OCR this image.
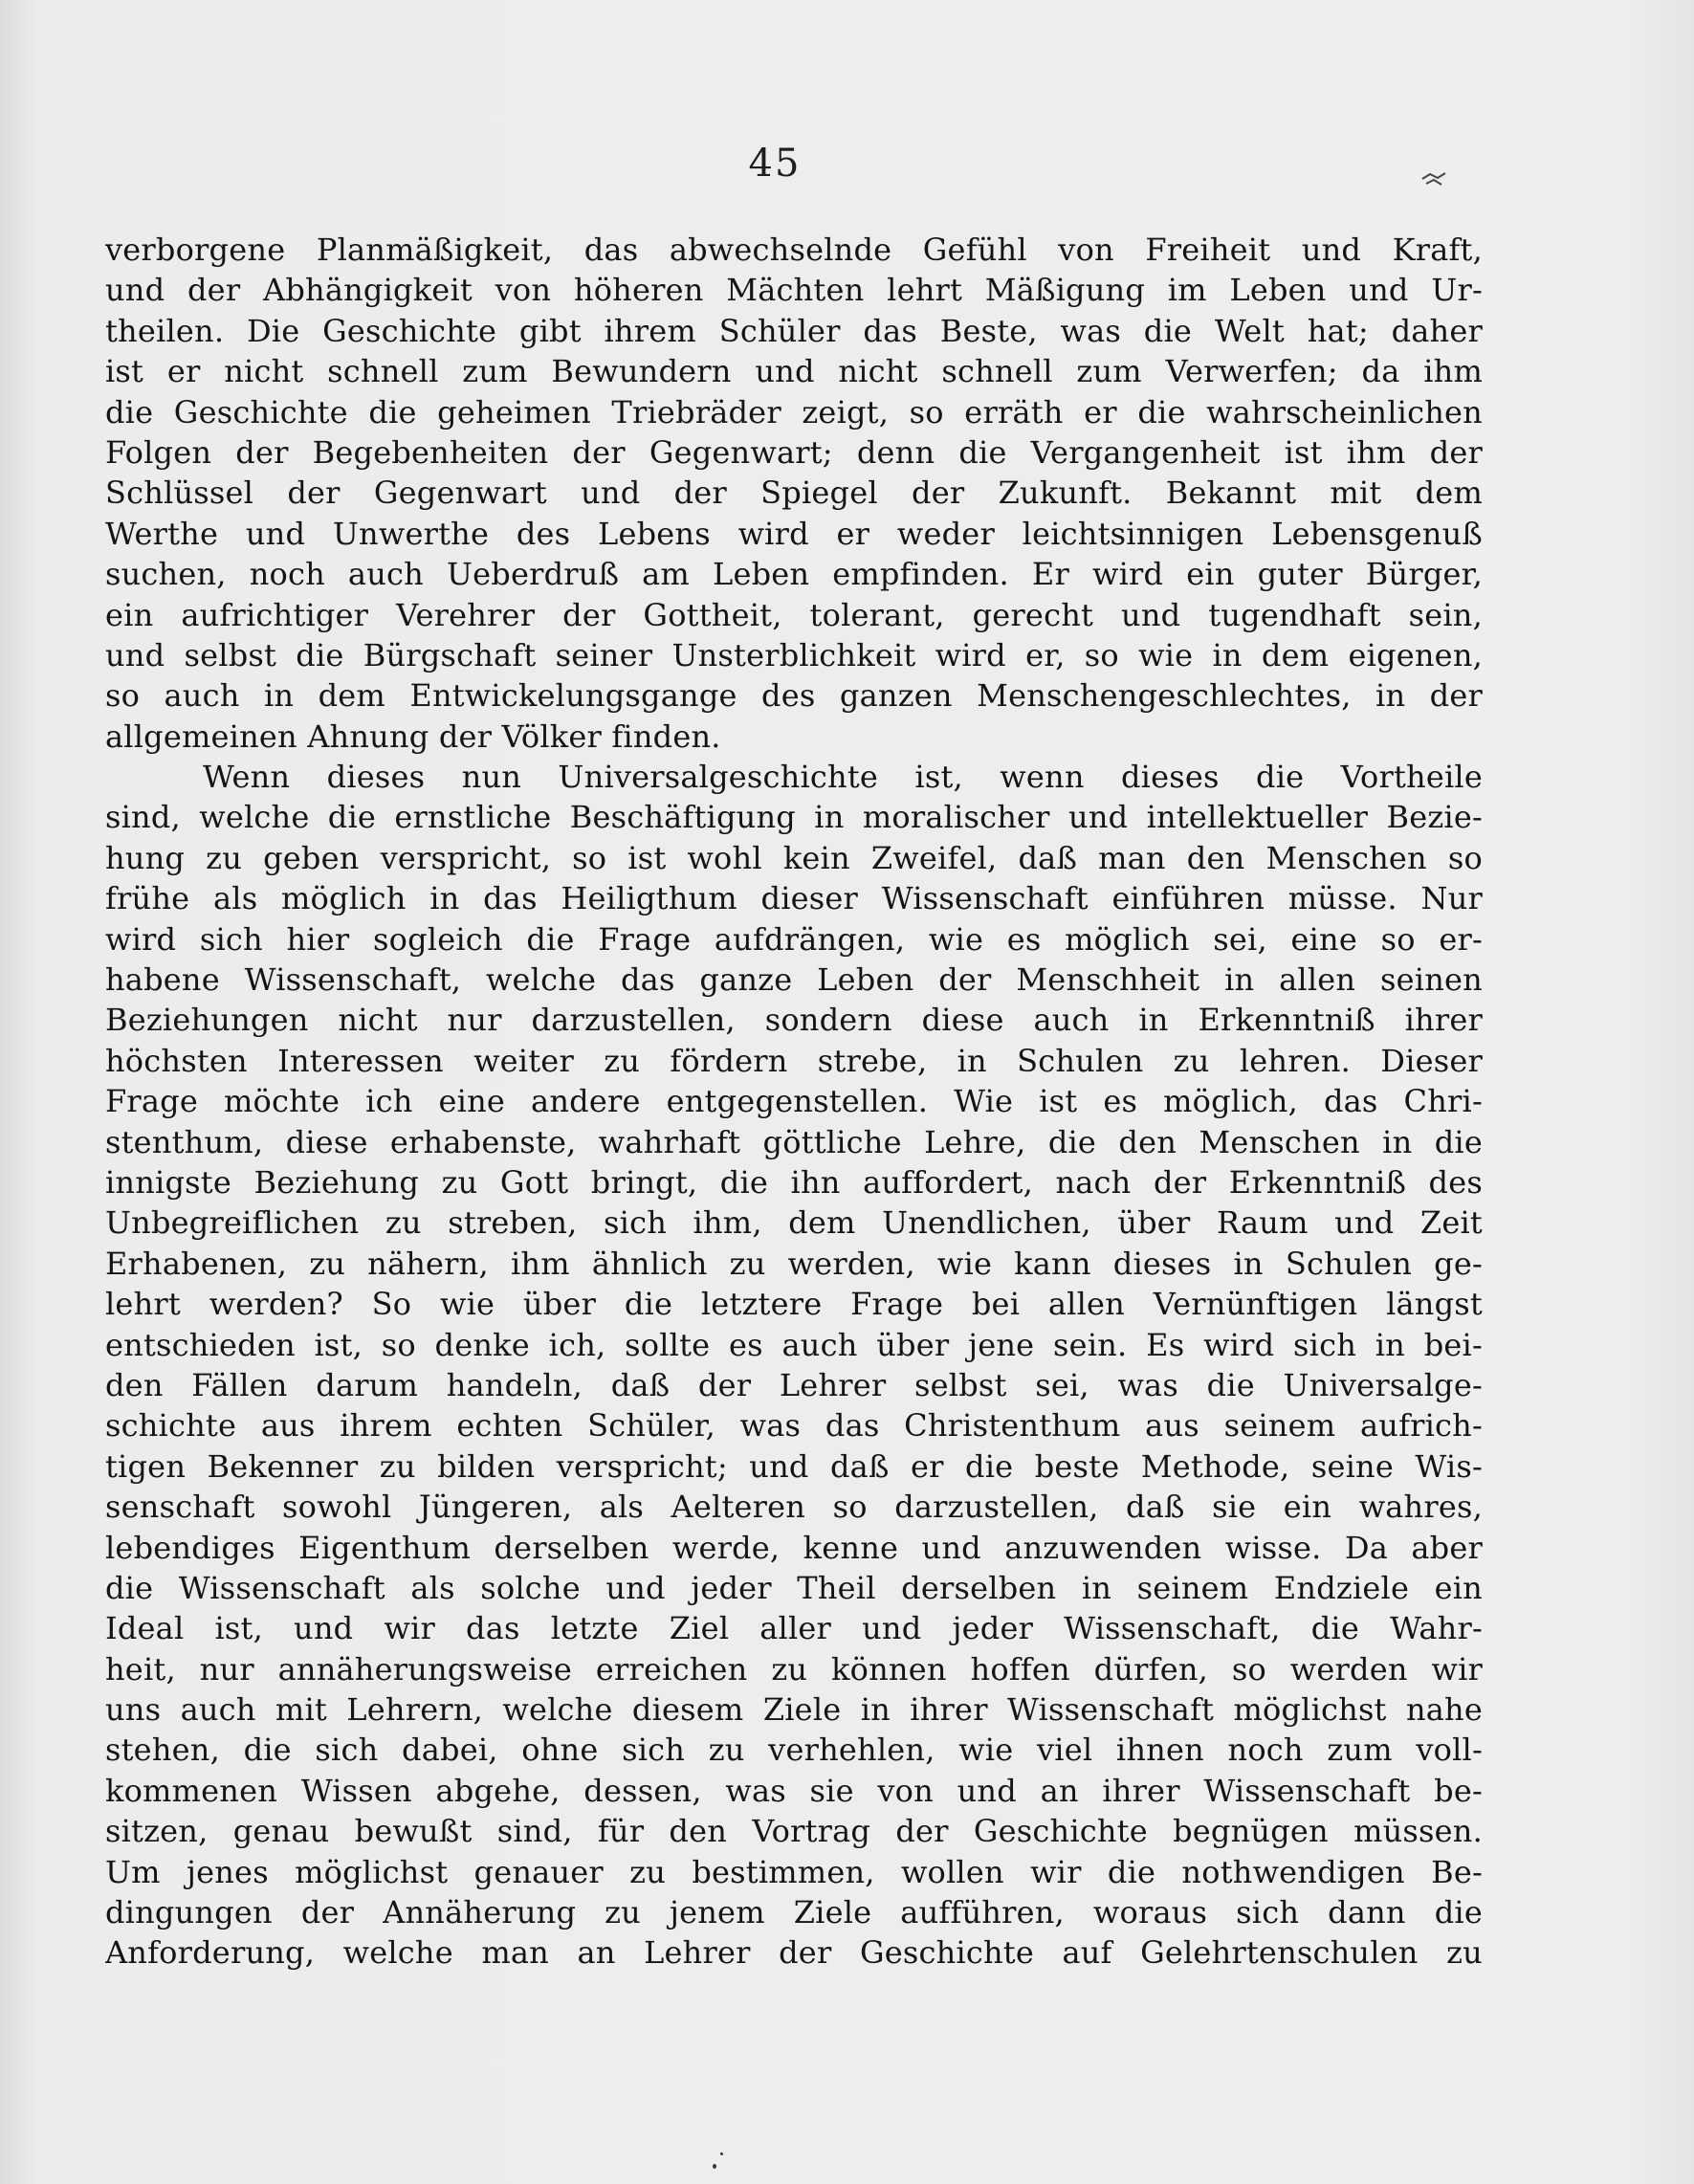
45
verborgene Planmäßigkeit, das abwechselnde Gefühl von Freiheit und Kraft,
und der Abhängigkeit von höheren Mächten lehrt Mäßigung im Leben und Ur-
theilen. Die Geschichte gibt ihrem Schüler das Beste, was die Welt hat; daher
ist er nicht schnell zum Bewundern und nicht schnell zum Verwerfen; da ihm
die Geschichte die geheimen Triebräder zeigt, so erräth er die wahrscheinlichen
Folgen der Begebenheiten der Gegenwart; denn die Vergangenheit ist ihm der
Schlüssel der Gegenwart und der Spiegel der Zukunft. Bekannt mit dem
Werthe und Unwerthe des Lebens wird er weder leichtsinnigen Lebensgenuß
suchen, noch auch Ueberdruß am Leben empfinden. Er wird ein guter Bürger,
ein aufrichtiger Verehrer der Gottheit, tolerant, gerecht und tugendhaft sein,
und selbst die Bürgschaft seiner Unsterblichkeit wird er, so wie in dem eigenen,
so auch in dem Entwickelungsgange des ganzen Menschengeschlechtes, in der
allgemeinen Ahnung der Völker finden.
Wenn dieses nun Universalgeschichte ist, wenn dieses die Vortheile
sind, welche die ernstliche Beschäftigung in moralischer und intellektueller Bezie-
hung zu geben verspricht, so ist wohl kein Zweifel, daß man den Menschen so
frühe als möglich in das Heiligthum dieser Wissenschaft einführen müsse. Nur
wird sich hier sogleich die Frage aufdrängen, wie es möglich sei, eine so er-
habene Wissenschaft, welche das ganze Leben der Menschheit in allen seinen
Beziehungen nicht nur darzustellen, sondern diese auch in Erkenntniß ihrer
höchsten Interessen weiter zu fördern strebe, in Schulen zu lehren. Dieser
Frage möchte ich eine andere entgegenstellen. Wie ist es möglich, das Chri-
stenthum, diese erhabenste, wahrhaft göttliche Lehre, die den Menschen in die
innigste Beziehung zu Gott bringt, die ihn auffordert, nach der Erkenntniß des
Unbegreiflichen zu streben, sich ihm, dem Unendlichen, über Raum und Zeit
Erhabenen, zu nähern, ihm ähnlich zu werden, wie kann dieses in Schulen ge-
lehrt werden? So wie über die letztere Frage bei allen Vernünftigen längst
entschieden ist, so denke ich, sollte es auch über jene sein. Es wird sich in bei-
den Fällen darum handeln, daß der Lehrer selbst sei, was die Universalge-
schichte aus ihrem echten Schüler, was das Christenthum aus seinem aufrich-
tigen Bekenner zu bilden verspricht; und daß er die beste Methode, seine Wis-
senschaft sowohl Jüngeren, als Aelteren so darzustellen, daß sie ein wahres,
lebendiges Eigenthum derselben werde, kenne und anzuwenden wisse. Da aber
die Wissenschaft als solche und jeder Theil derselben in seinem Endziele ein
Ideal ist, und wir das letzte Ziel aller und jeder Wissenschaft, die Wahr-
heit, nur annäherungsweise erreichen zu können hoffen dürfen, so werden wir
uns auch mit Lehrern, welche diesem Ziele in ihrer Wissenschaft möglichst nahe
stehen, die sich dabei, ohne sich zu verhehlen, wie viel ihnen noch zum voll-
kommenen Wissen abgehe, dessen, was sie von und an ihrer Wissenschaft be-
sitzen, genau bewußt sind, für den Vortrag der Geschichte begnügen müssen.
Um jenes möglichst genauer zu bestimmen, wollen wir die nothwendigen Be-
dingungen der Annäherung zu jenem Ziele aufführen, woraus sich dann die
Anforderung, welche man an Lehrer der Geschichte auf Gelehrtenschulen zu
